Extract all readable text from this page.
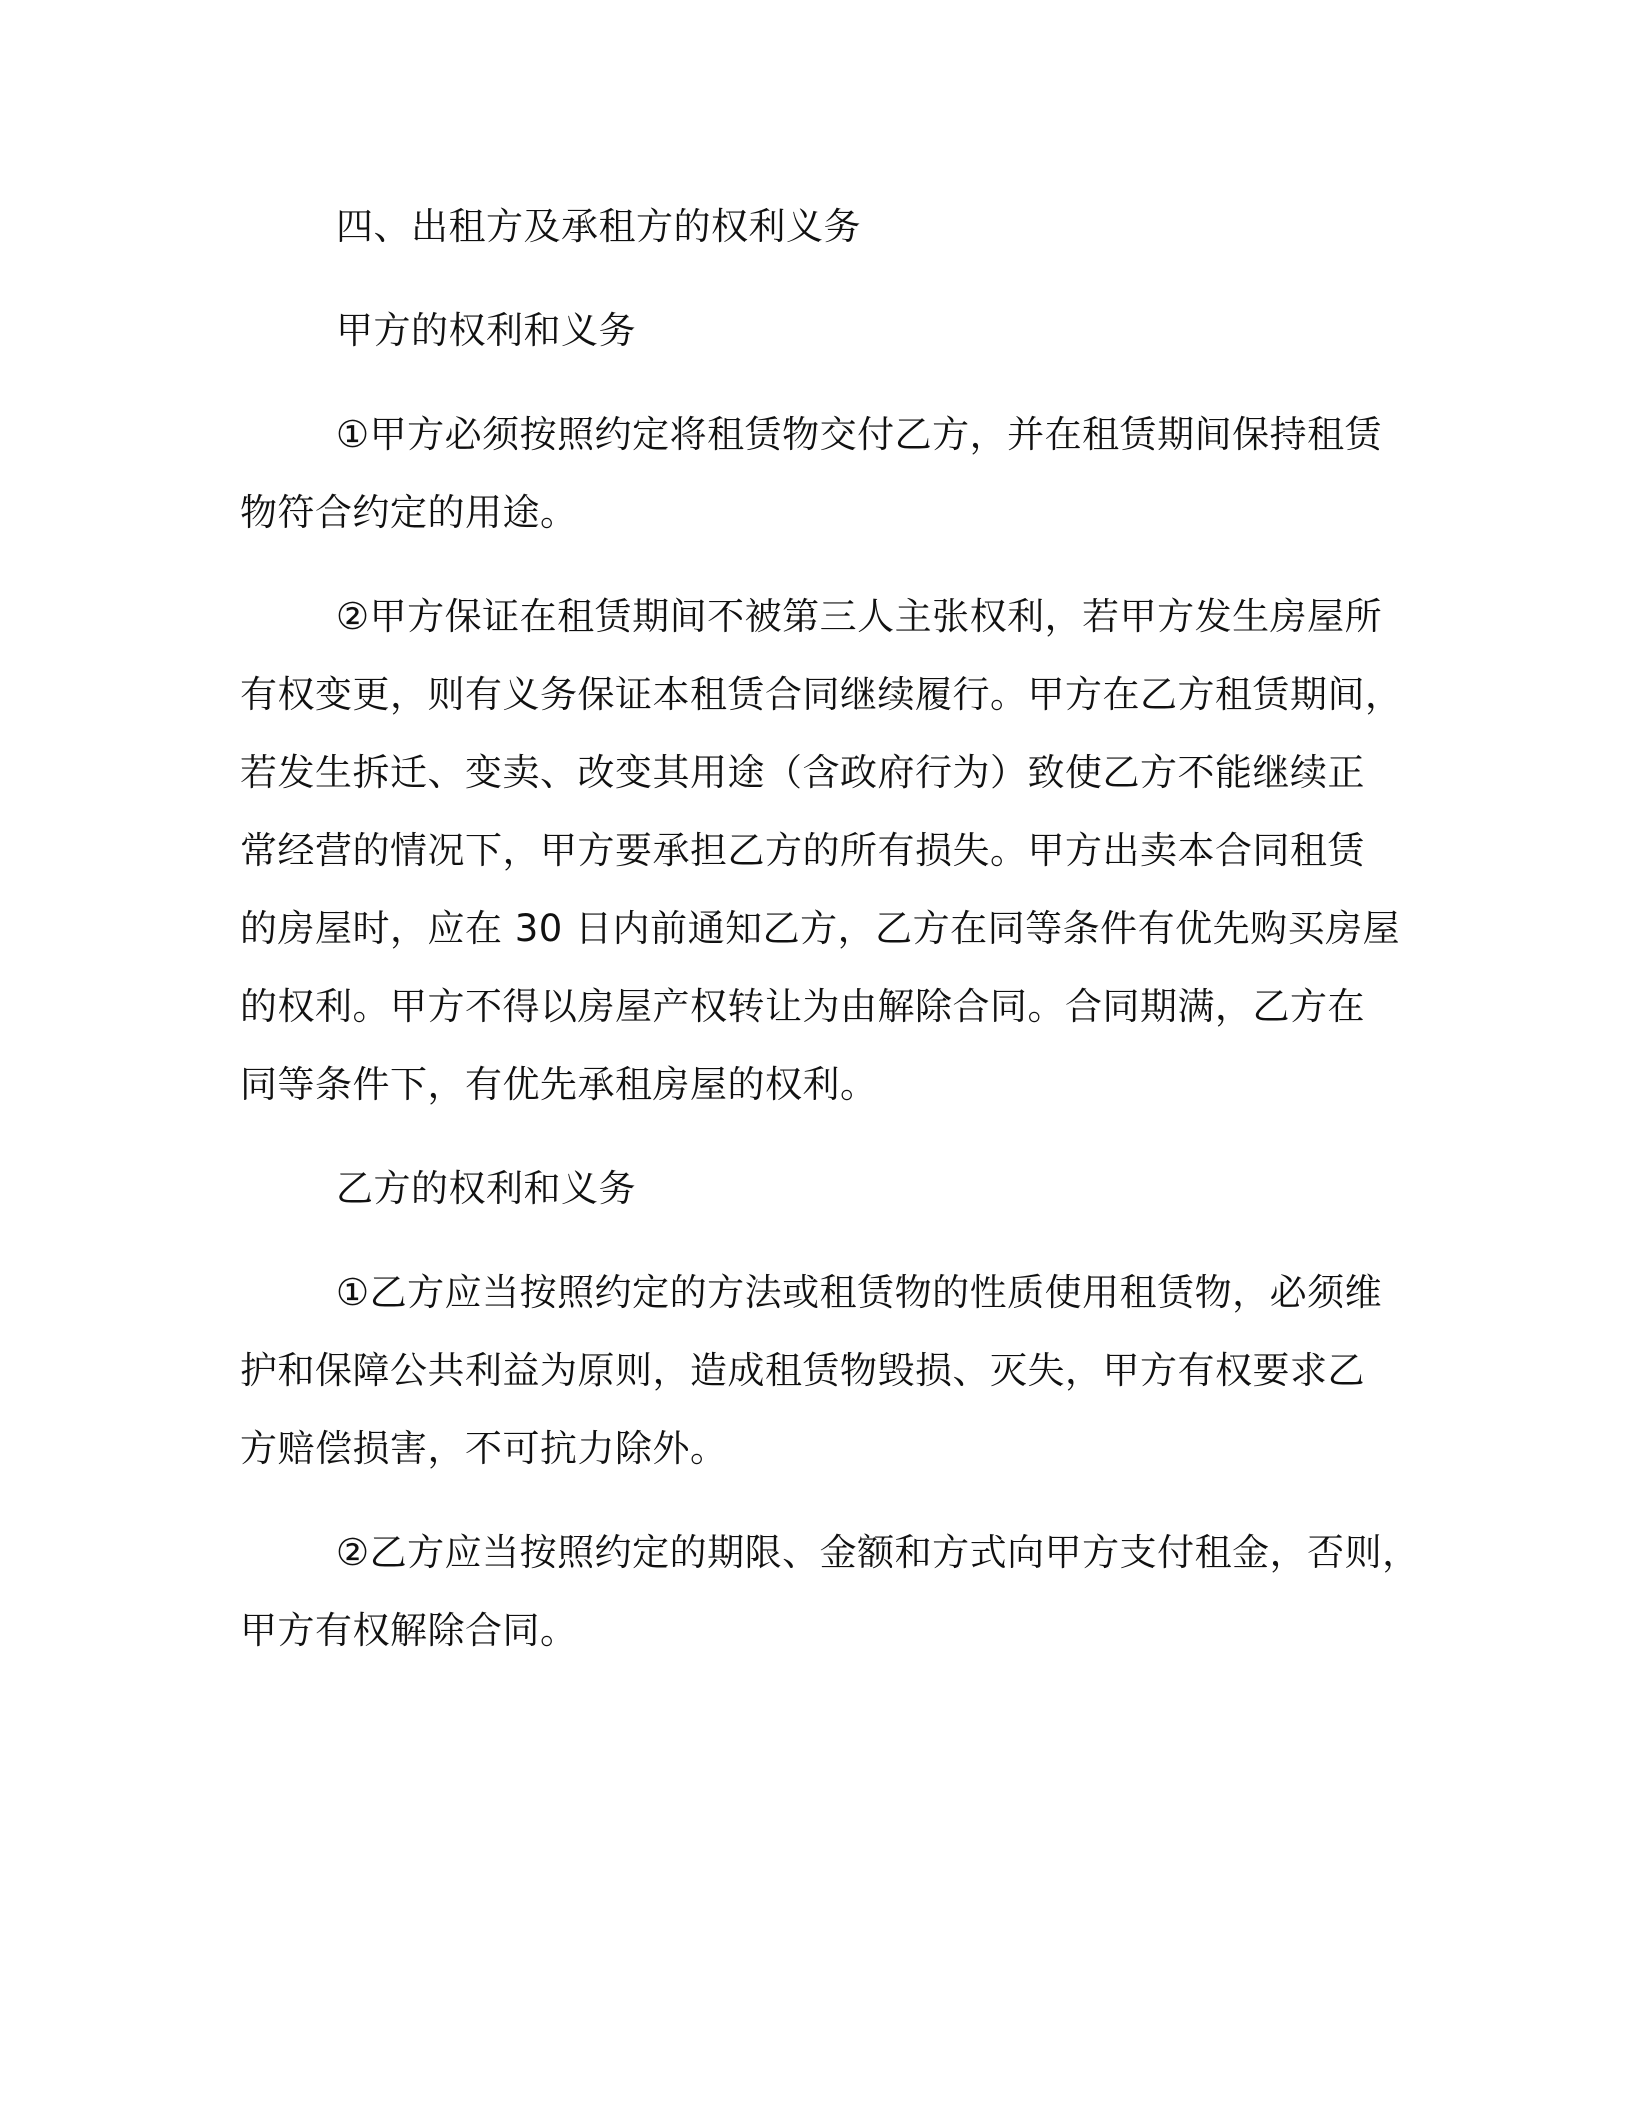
四、出租方及承租方的权利义务
甲方的权利和义务
①甲方必须按照约定将租赁物交付乙方，并在租赁期间保持租赁
物符合约定的用途。
②甲方保证在租赁期间不被第三人主张权利，若甲方发生房屋所
有权变更，则有义务保证本租赁合同继续履行。甲方在乙方租赁期间，
若发生拆迁、变卖、改变其用途（含政府行为）致使乙方不能继续正
常经营的情况下，甲方要承担乙方的所有损失。甲方出卖本合同租赁
的房屋时，应在 30 日内前通知乙方，乙方在同等条件有优先购买房屋
的权利。甲方不得以房屋产权转让为由解除合同。合同期满，乙方在
同等条件下，有优先承租房屋的权利。
乙方的权利和义务
①乙方应当按照约定的方法或租赁物的性质使用租赁物，必须维
护和保障公共利益为原则，造成租赁物毁损、灭失，甲方有权要求乙
方赔偿损害，不可抗力除外。
②乙方应当按照约定的期限、金额和方式向甲方支付租金，否则，
甲方有权解除合同。
